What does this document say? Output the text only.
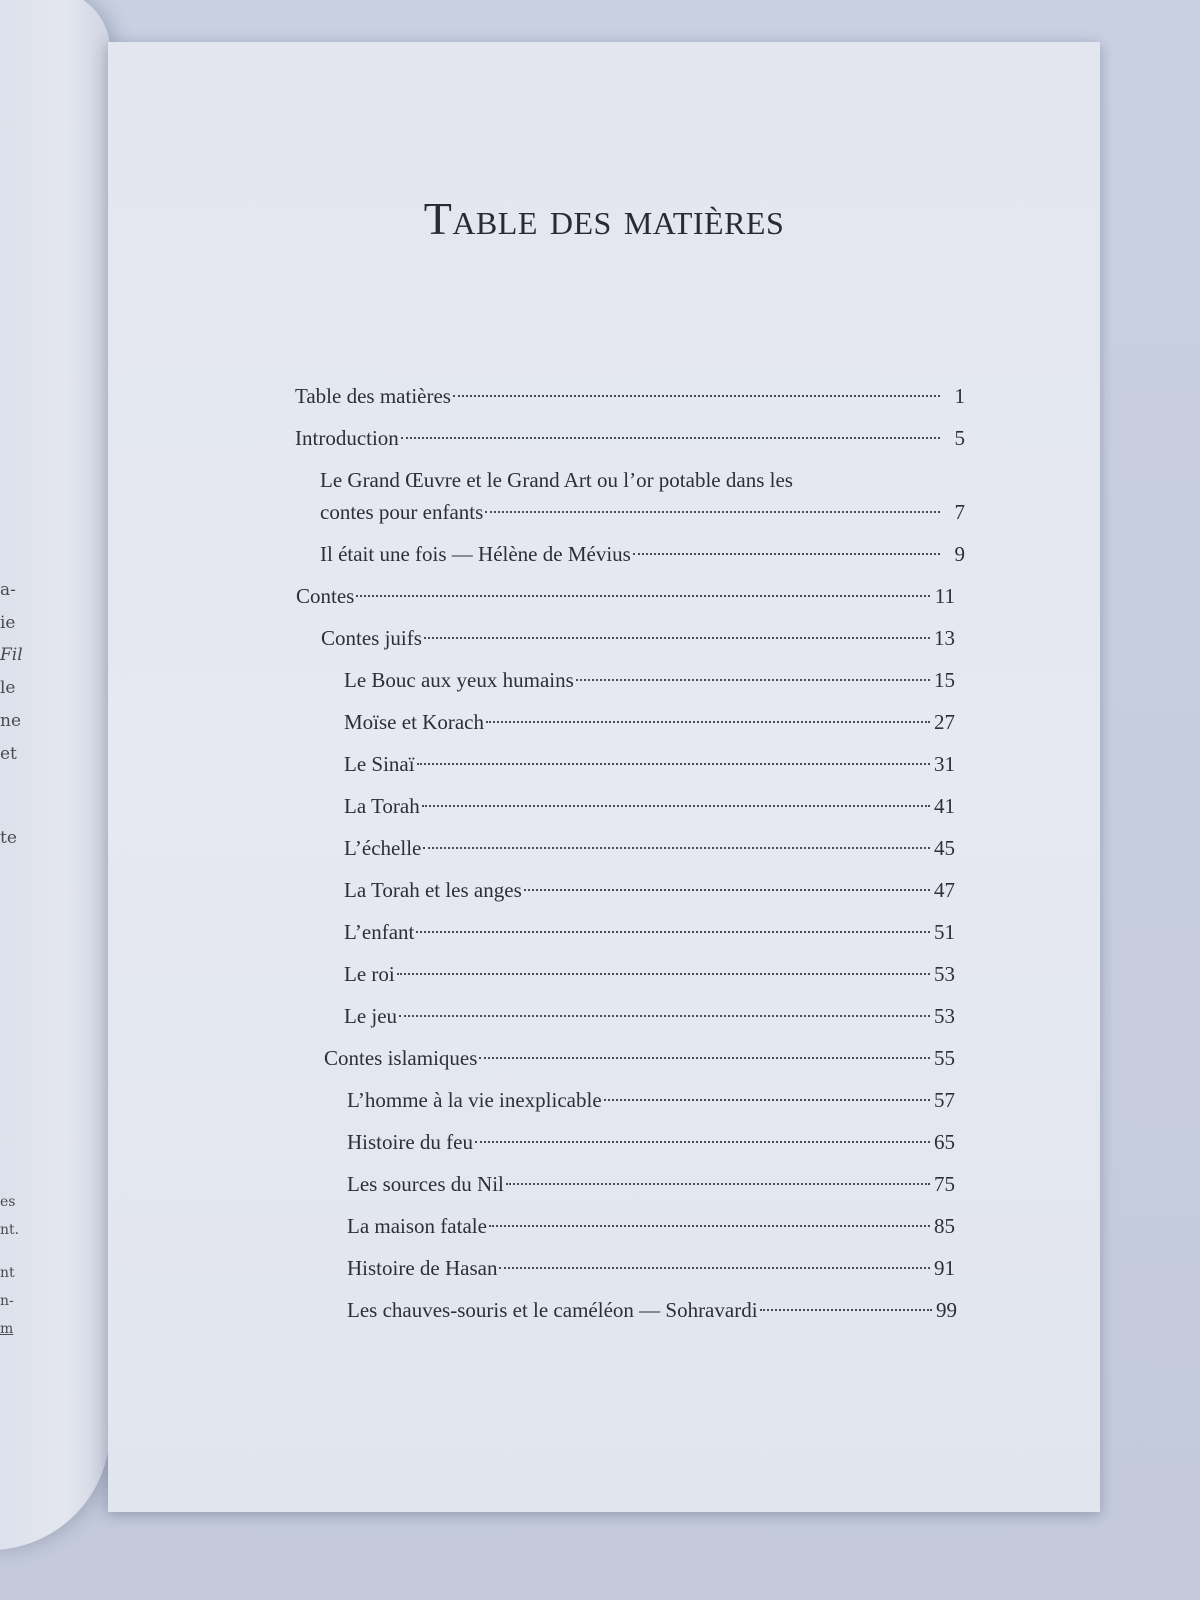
a-
ie
Fil
le
ne
et
te
es
nt.
nt
n-
m
Table des matières
Table des matières	1
Introduction	5
Le Grand Œuvre et le Grand Art ou l’or potable dans les
contes pour enfants	7
Il était une fois — Hélène de Mévius	9
Contes	11
Contes juifs	13
Le Bouc aux yeux humains	15
Moïse et Korach	27
Le Sinaï	31
La Torah	41
L’échelle	45
La Torah et les anges	47
L’enfant	51
Le roi	53
Le jeu	53
Contes islamiques	55
L’homme à la vie inexplicable	57
Histoire du feu	65
Les sources du Nil	75
La maison fatale	85
Histoire de Hasan	91
Les chauves-souris et le caméléon — Sohravardi	99
